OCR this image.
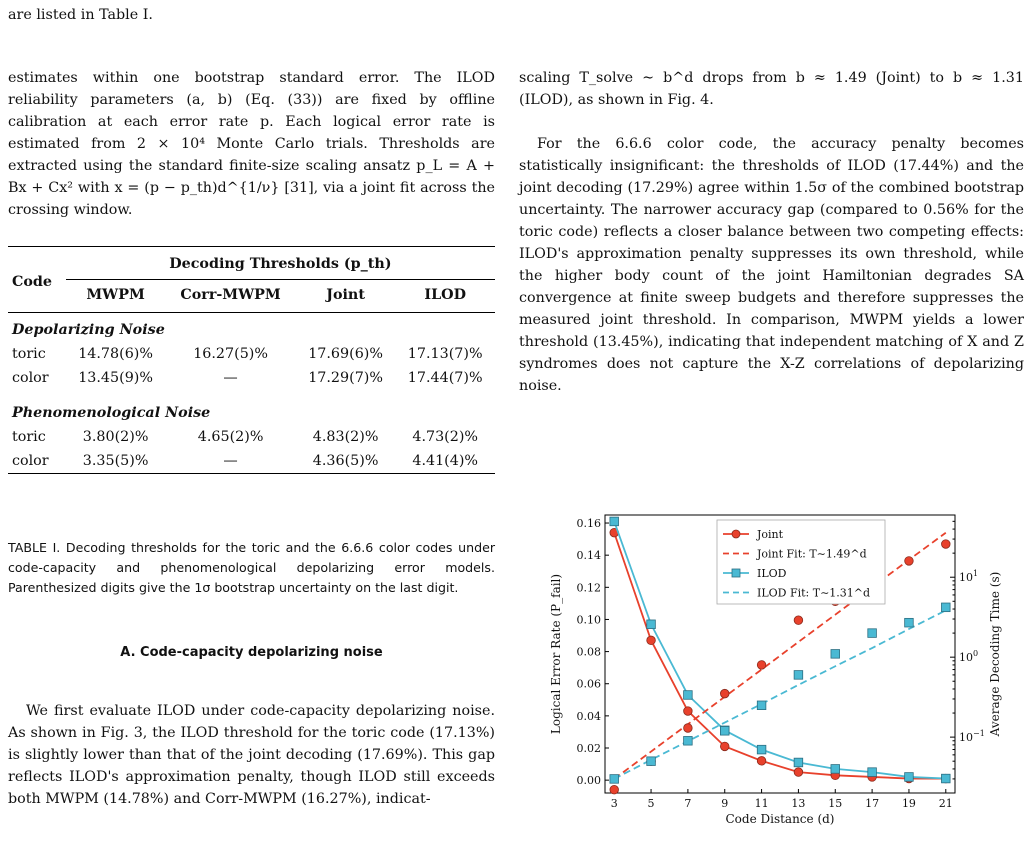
are listed in Table I.

estimates within one bootstrap standard error. The ILOD reliability parameters (a, b) (Eq. (33)) are fixed by offline calibration at each error rate p. Each logical error rate is estimated from 2 × 10⁴ Monte Carlo trials. Thresholds are extracted using the standard finite-size scaling ansatz p_L = A + Bx + Cx² with x = (p − p_th)d^{1/ν} [31], via a joint fit across the crossing window.

Code	Decoding Thresholds (p_th)			
	MWPM	Corr-MWPM	Joint	ILOD
Depolarizing Noise				
toric	14.78(6)%	16.27(5)%	17.69(6)%	17.13(7)%
color	13.45(9)%	—	17.29(7)%	17.44(7)%
Phenomenological Noise				
toric	3.80(2)%	4.65(2)%	4.83(2)%	4.73(2)%
color	3.35(5)%	—	4.36(5)%	4.41(4)%
TABLE I. Decoding thresholds for the toric and the 6.6.6 color codes under code-capacity and phenomenological depolarizing error models. Parenthesized digits give the 1σ bootstrap uncertainty on the last digit.
A. Code-capacity depolarizing noise

We first evaluate ILOD under code-capacity depolarizing noise. As shown in Fig. 3, the ILOD threshold for the toric code (17.13%) is slightly lower than that of the joint decoding (17.69%). This gap reflects ILOD's approximation penalty, though ILOD still exceeds both MWPM (14.78%) and Corr-MWPM (16.27%), indicat-

scaling T_solve ∼ b^d drops from b ≈ 1.49 (Joint) to b ≈ 1.31 (ILOD), as shown in Fig. 4.

For the 6.6.6 color code, the accuracy penalty becomes statistically insignificant: the thresholds of ILOD (17.44%) and the joint decoding (17.29%) agree within 1.5σ of the combined bootstrap uncertainty. The narrower accuracy gap (compared to 0.56% for the toric code) reflects a closer balance between two competing effects: ILOD's approximation penalty suppresses its own threshold, while the higher body count of the joint Hamiltonian degrades SA convergence at finite sweep budgets and therefore suppresses the measured joint threshold. In comparison, MWPM yields a lower threshold (13.45%), indicating that independent matching of X and Z syndromes does not capture the X-Z correlations of depolarizing noise.

3	5	7	9 11 13 15 17 19 21
0.00
0.02
0.04
0.06
0.08
0.10
0.12
0.14
0.16
$10^{-1}$
$10^0$
$10^1$
Code Distance (d)
Logical Error Rate (P_fail)	Average Decoding Time (s)
Joint
Joint Fit: T∼1.49^d
ILOD
ILOD Fit: T∼1.31^d
